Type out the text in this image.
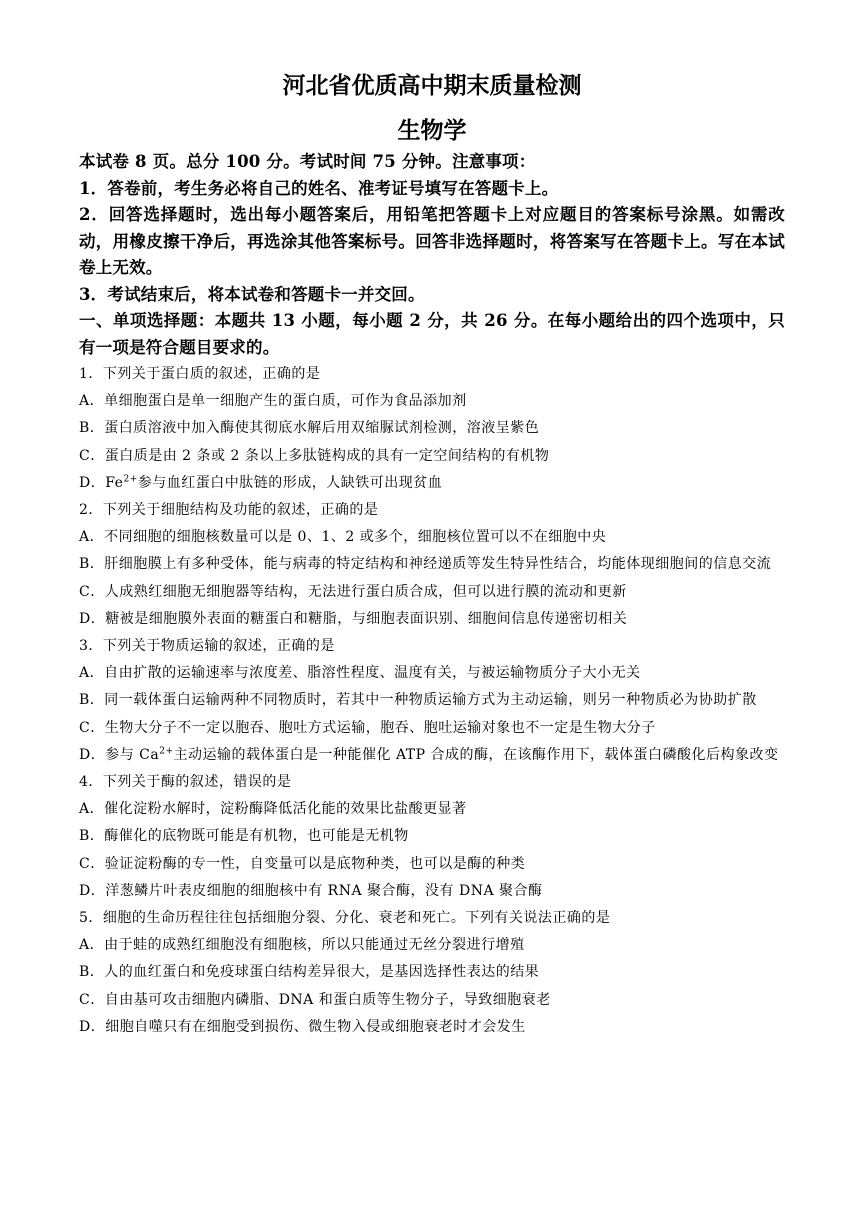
河北省优质高中期末质量检测
生物学

本试卷 8 页。总分 100 分。考试时间 75 分钟。注意事项：

1．答卷前，考生务必将自己的姓名、准考证号填写在答题卡上。

2．回答选择题时，选出每小题答案后，用铅笔把答题卡上对应题目的答案标号涂黑。如需改动，用橡皮擦干净后，再选涂其他答案标号。回答非选择题时，将答案写在答题卡上。写在本试卷上无效。

3．考试结束后，将本试卷和答题卡一并交回。

一、单项选择题：本题共 13 小题，每小题 2 分，共 26 分。在每小题给出的四个选项中，只有一项是符合题目要求的。

1．下列关于蛋白质的叙述，正确的是

A．单细胞蛋白是单一细胞产生的蛋白质，可作为食品添加剂

B．蛋白质溶液中加入酶使其彻底水解后用双缩脲试剂检测，溶液呈紫色

C．蛋白质是由 2 条或 2 条以上多肽链构成的具有一定空间结构的有机物

D．$Fe^{2+}$参与血红蛋白中肽链的形成，人缺铁可出现贫血

2．下列关于细胞结构及功能的叙述，正确的是

A．不同细胞的细胞核数量可以是 0、1、2 或多个，细胞核位置可以不在细胞中央

B．肝细胞膜上有多种受体，能与病毒的特定结构和神经递质等发生特异性结合，均能体现细胞间的信息交流

C．人成熟红细胞无细胞器等结构，无法进行蛋白质合成，但可以进行膜的流动和更新

D．糖被是细胞膜外表面的糖蛋白和糖脂，与细胞表面识别、细胞间信息传递密切相关

3．下列关于物质运输的叙述，正确的是

A．自由扩散的运输速率与浓度差、脂溶性程度、温度有关，与被运输物质分子大小无关

B．同一载体蛋白运输两种不同物质时，若其中一种物质运输方式为主动运输，则另一种物质必为协助扩散

C．生物大分子不一定以胞吞、胞吐方式运输，胞吞、胞吐运输对象也不一定是生物大分子

D．参与 $Ca^{2+}$主动运输的载体蛋白是一种能催化 ATP 合成的酶，在该酶作用下，载体蛋白磷酸化后构象改变

4．下列关于酶的叙述，错误的是

A．催化淀粉水解时，淀粉酶降低活化能的效果比盐酸更显著

B．酶催化的底物既可能是有机物，也可能是无机物

C．验证淀粉酶的专一性，自变量可以是底物种类，也可以是酶的种类

D．洋葱鳞片叶表皮细胞的细胞核中有 RNA 聚合酶，没有 DNA 聚合酶

5．细胞的生命历程往往包括细胞分裂、分化、衰老和死亡。下列有关说法正确的是

A．由于蛙的成熟红细胞没有细胞核，所以只能通过无丝分裂进行增殖

B．人的血红蛋白和免疫球蛋白结构差异很大，是基因选择性表达的结果

C．自由基可攻击细胞内磷脂、DNA 和蛋白质等生物分子，导致细胞衰老

D．细胞自噬只有在细胞受到损伤、微生物入侵或细胞衰老时才会发生
